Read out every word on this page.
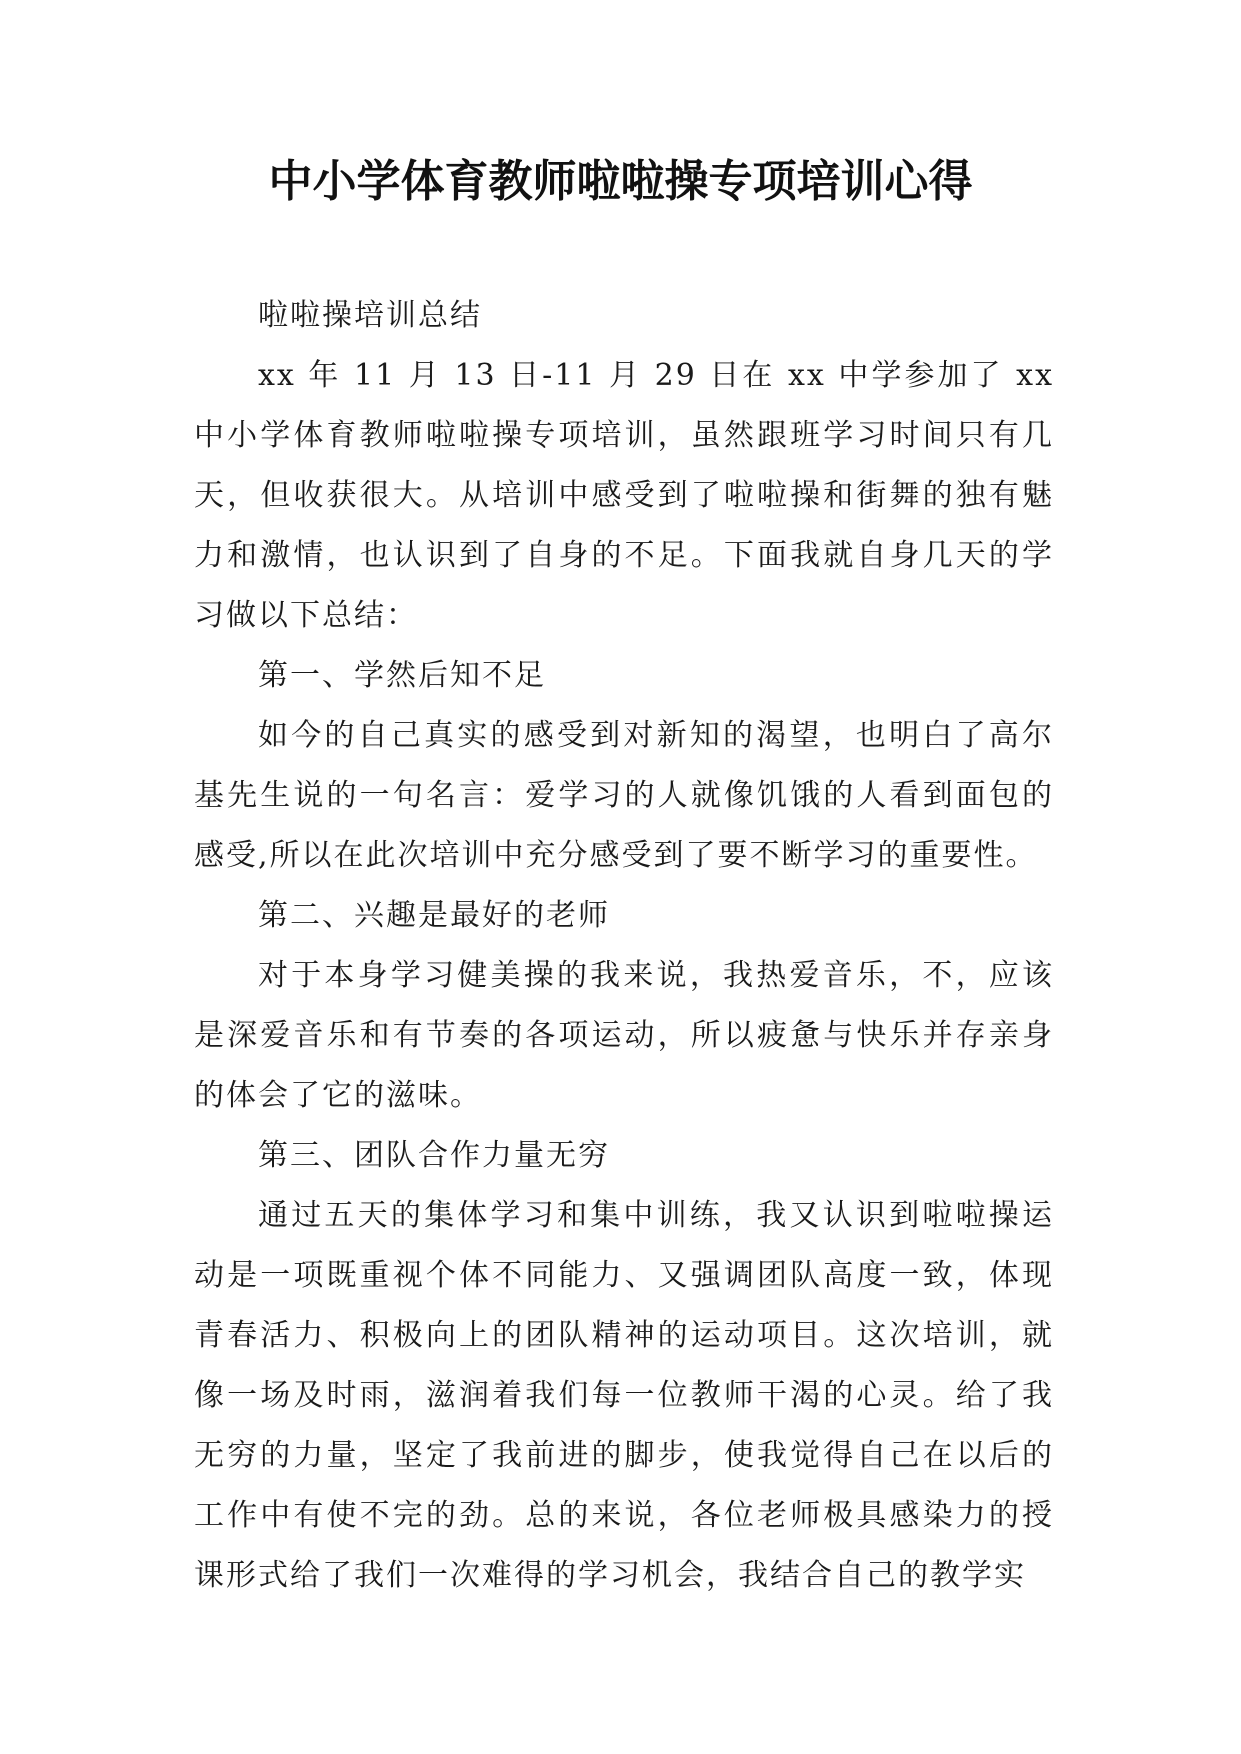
中小学体育教师啦啦操专项培训心得

啦啦操培训总结

xx 年 11 月 13 日-11 月 29 日在 xx 中学参加了 xx 中小学体育教师啦啦操专项培训，虽然跟班学习时间只有几天，但收获很大。从培训中感受到了啦啦操和街舞的独有魅力和激情，也认识到了自身的不足。下面我就自身几天的学习做以下总结：

第一、学然后知不足

如今的自己真实的感受到对新知的渴望，也明白了高尔基先生说的一句名言：爱学习的人就像饥饿的人看到面包的感受,所以在此次培训中充分感受到了要不断学习的重要性。

第二、兴趣是最好的老师

对于本身学习健美操的我来说，我热爱音乐，不，应该是深爱音乐和有节奏的各项运动，所以疲惫与快乐并存亲身的体会了它的滋味。

第三、团队合作力量无穷

通过五天的集体学习和集中训练，我又认识到啦啦操运动是一项既重视个体不同能力、又强调团队高度一致，体现青春活力、积极向上的团队精神的运动项目。这次培训，就像一场及时雨，滋润着我们每一位教师干渴的心灵。给了我无穷的力量，坚定了我前进的脚步，使我觉得自己在以后的工作中有使不完的劲。总的来说，各位老师极具感染力的授课形式给了我们一次难得的学习机会，我结合自己的教学实
